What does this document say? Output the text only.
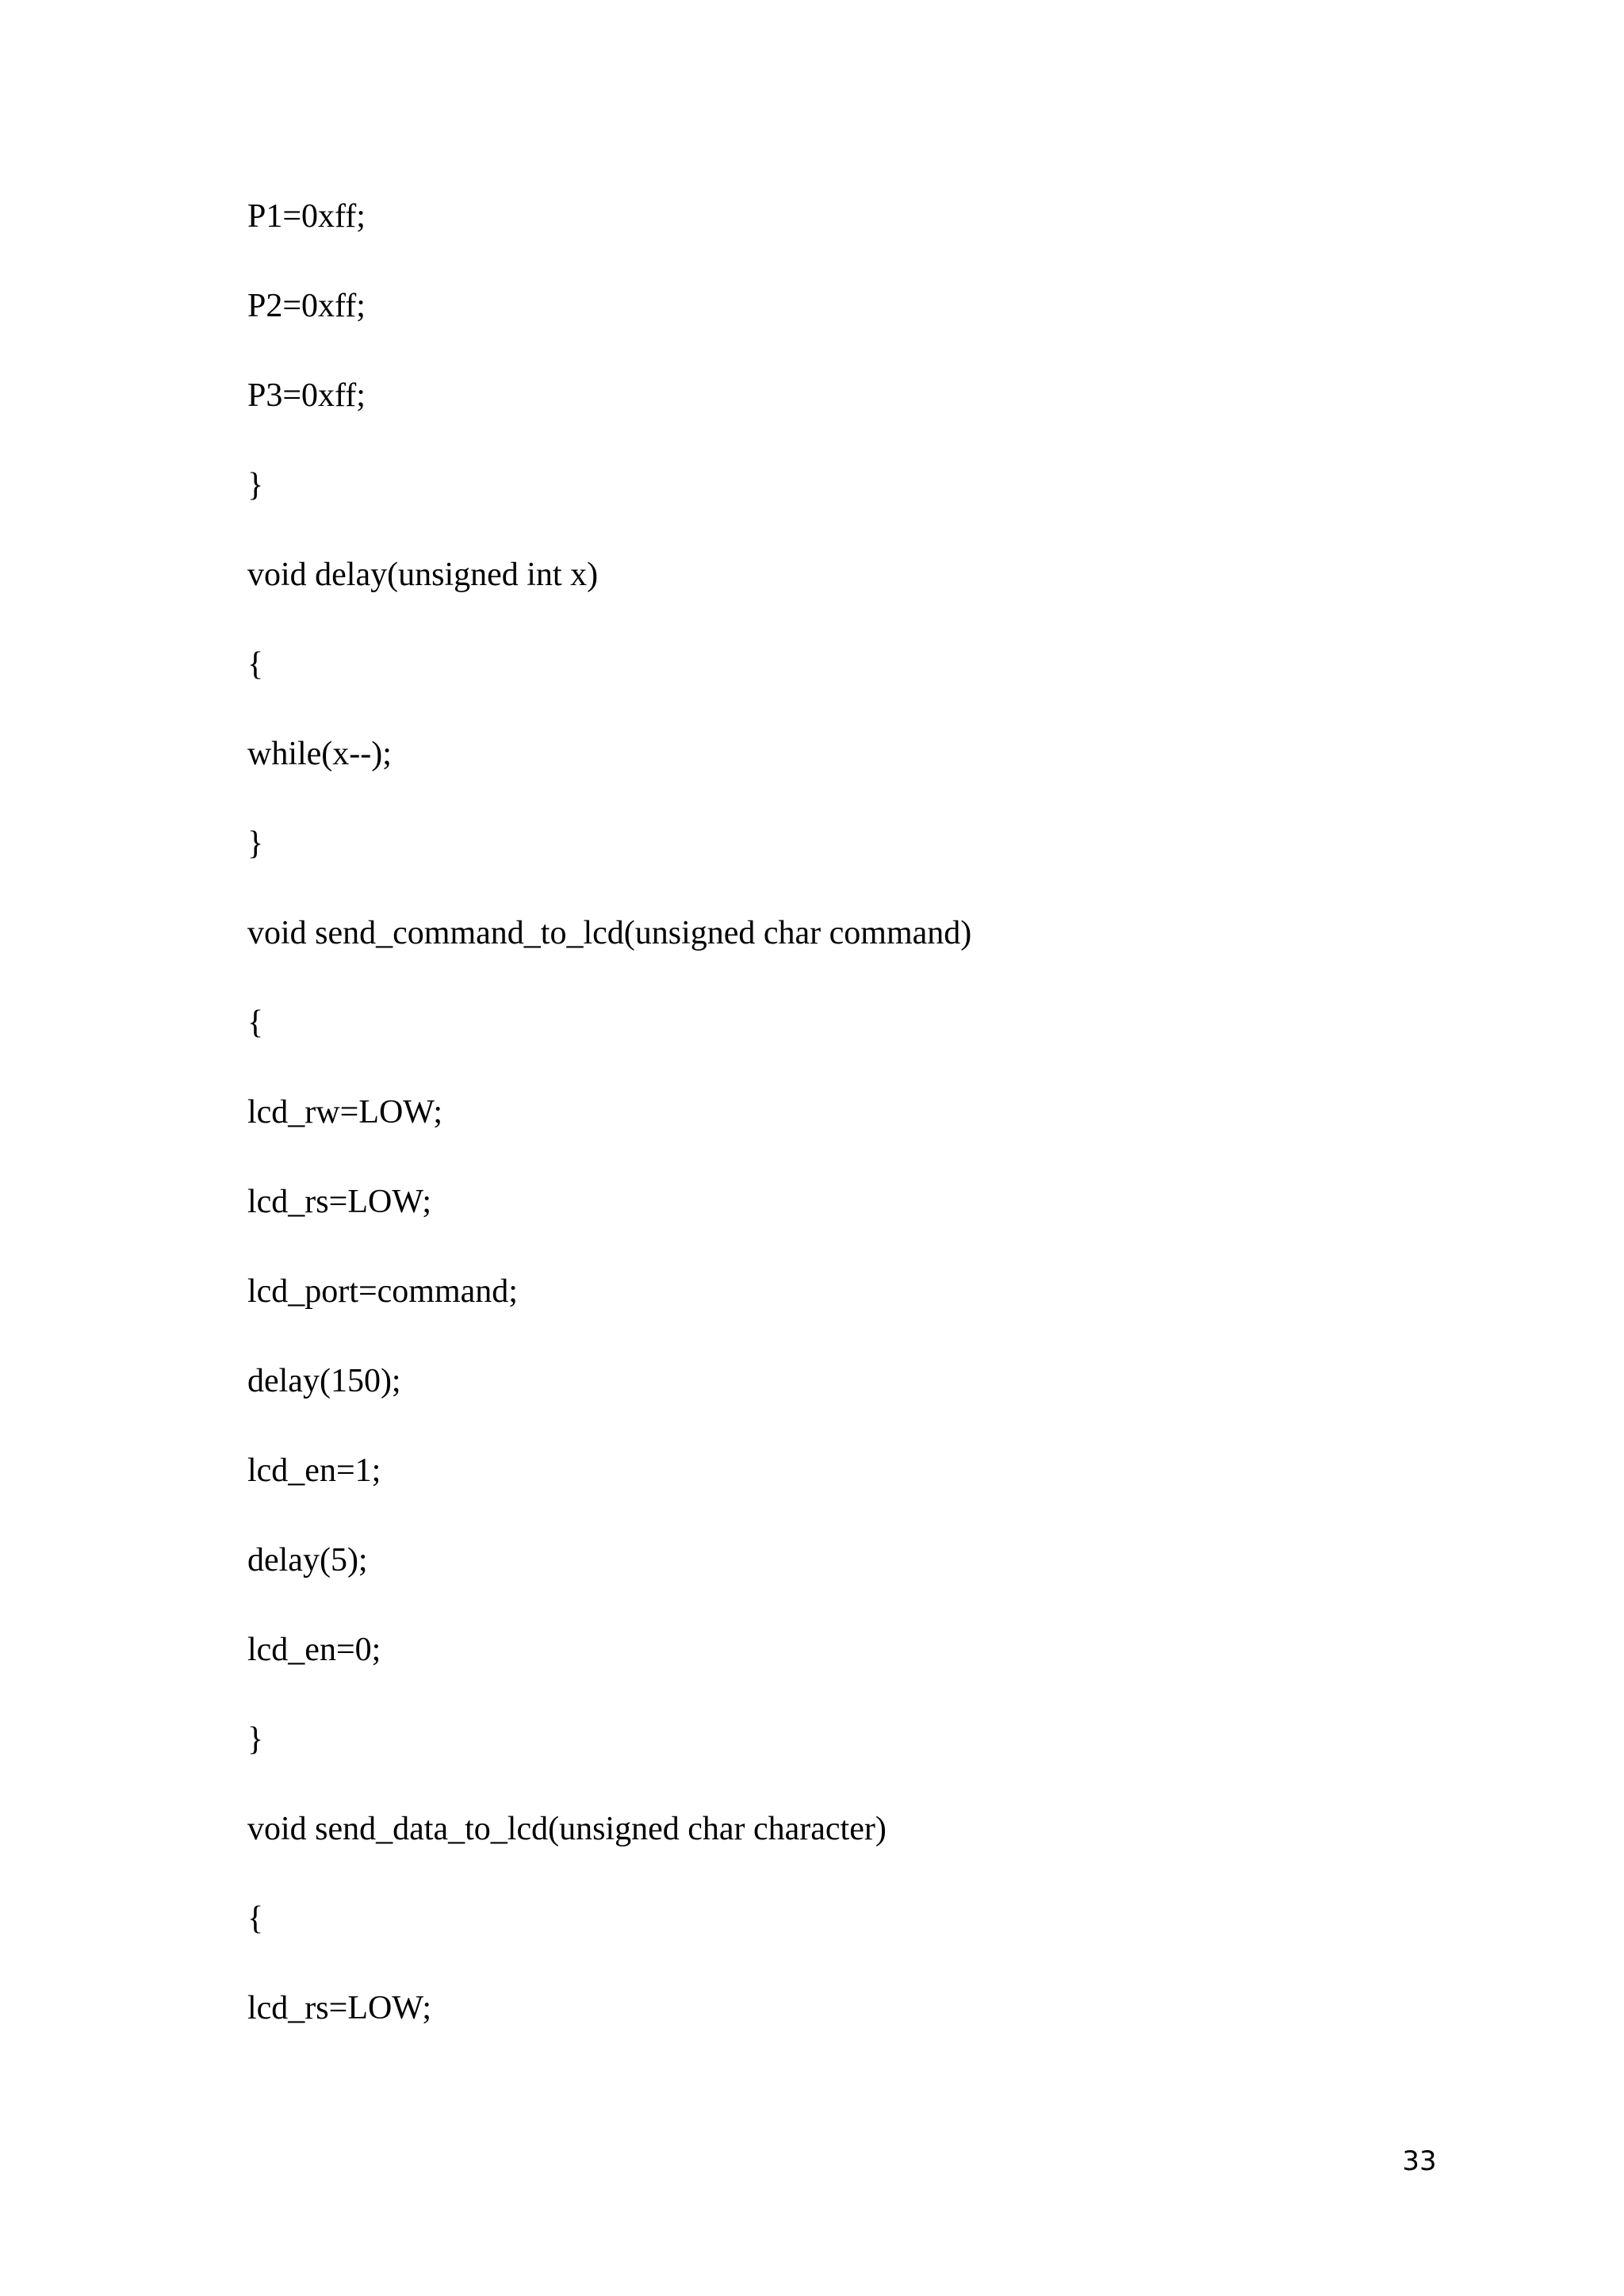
P1=0xff;
P2=0xff;
P3=0xff;
}
void delay(unsigned int x)
{
while(x--);
}
void send_command_to_lcd(unsigned char command)
{
lcd_rw=LOW;
lcd_rs=LOW;
lcd_port=command;
delay(150);
lcd_en=1;
delay(5);
lcd_en=0;
}
void send_data_to_lcd(unsigned char character)
{
lcd_rs=LOW;
33
